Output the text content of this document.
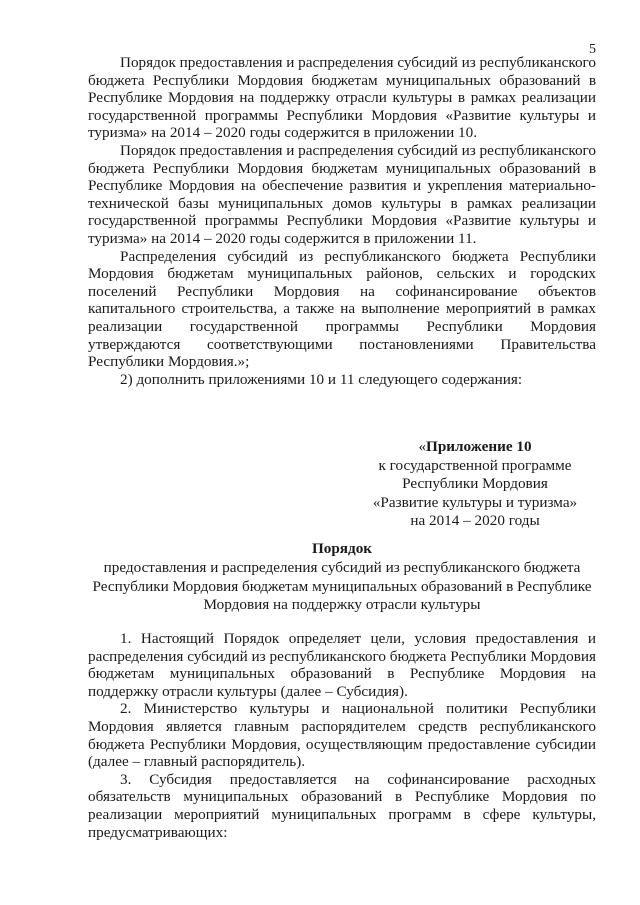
5

Порядок предоставления и распределения субсидий из республиканского бюджета Республики Мордовия бюджетам муниципальных образований в Республике Мордовия на поддержку отрасли культуры в рамках реализации государственной программы Республики Мордовия «Развитие культуры и туризма» на 2014 – 2020 годы содержится в приложении 10.

Порядок предоставления и распределения субсидий из республиканского бюджета Республики Мордовия бюджетам муниципальных образований в Республике Мордовия на обеспечение развития и укрепления материально-технической базы муниципальных домов культуры в рамках реализации государственной программы Республики Мордовия «Развитие культуры и туризма» на 2014 – 2020 годы содержится в приложении 11.

Распределения субсидий из республиканского бюджета Республики Мордовия бюджетам муниципальных районов, сельских и городских поселений Республики Мордовия на софинансирование объектов капитального строительства, а также на выполнение мероприятий в рамках реализации государственной программы Республики Мордовия утверждаются соответствующими постановлениями Правительства Республики Мордовия.»;

2) дополнить приложениями 10 и 11 следующего содержания:

«Приложение 10
к государственной программе
Республики Мордовия
«Развитие культуры и туризма»
на 2014 – 2020 годы
Порядок
предоставления и распределения субсидий из республиканского бюджета Республики Мордовия бюджетам муниципальных образований в Республике Мордовия на поддержку отрасли культуры

1. Настоящий Порядок определяет цели, условия предоставления и распределения субсидий из республиканского бюджета Республики Мордовия бюджетам муниципальных образований в Республике Мордовия на поддержку отрасли культуры (далее – Субсидия).

2. Министерство культуры и национальной политики Республики Мордовия является главным распорядителем средств республиканского бюджета Республики Мордовия, осуществляющим предоставление субсидии (далее – главный распорядитель).

3. Субсидия предоставляется на софинансирование расходных обязательств муниципальных образований в Республике Мордовия по реализации мероприятий муниципальных программ в сфере культуры, предусматривающих:
